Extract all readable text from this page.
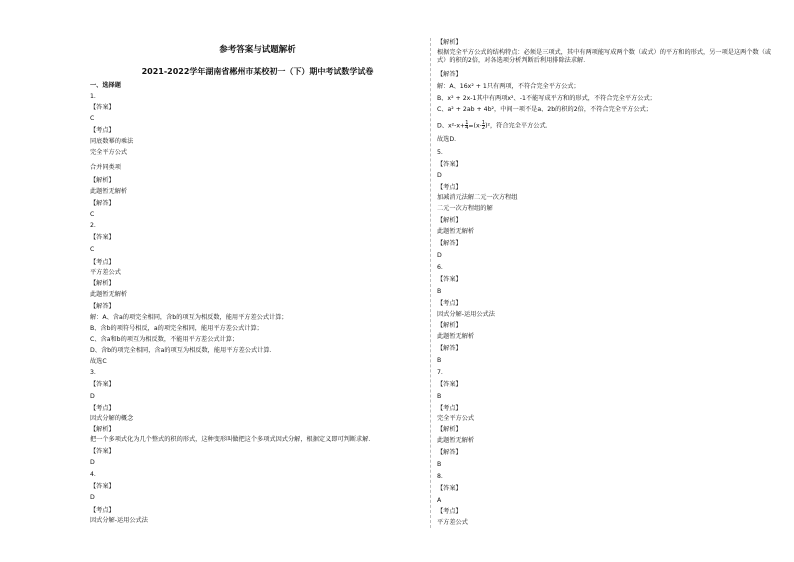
参考答案与试题解析
2021-2022学年湖南省郴州市某校初一（下）期中考试数学试卷
一、选择题
1.
【答案】
C
【考点】
同底数幂的乘法
完全平方公式
合并同类项
【解析】
此题暂无解析
【解答】
C
2.
【答案】
C
【考点】
平方差公式
【解析】
此题暂无解析
【解答】
解：A、含a的项完全相同，含b的项互为相反数，能用平方差公式计算；
B、含b的项符号相反，a的项完全相同，能用平方差公式计算；
C、含a和b的项互为相反数，不能用平方差公式计算；
D、含b的项完全相同，含a的项互为相反数，能用平方差公式计算．
故选C
3.
【答案】
D
【考点】
因式分解的概念
【解析】
把一个多项式化为几个整式的积的形式，这种变形叫做把这个多项式因式分解，根据定义即可判断求解．
【答案】
D
4.
【答案】
D
【考点】
因式分解-运用公式法
【解析】
根据完全平方公式的结构特点：必须是三项式，其中有两项能写成两个数（或式）的平方和的形式，另一项是这两个数（或式）的积的2倍，对各选项分析判断后利用排除法求解．
【解答】
解：A、16x² + 1只有两项，不符合完全平方公式；
B、x² + 2x-1其中有两项x²、-1不能写成平方和的形式，不符合完全平方公式；
C、a² + 2ab + 4b²，中间一项不是a、2b的积的2倍，不符合完全平方公式；
D、$x^2-x+ \frac{1}{4}=(x- \frac{1}{2})^2$，符合完全平方公式．
故选D．
5.
【答案】
D
【考点】
加减消元法解二元一次方程组
二元一次方程组的解
【解析】
此题暂无解析
【解答】
D
6.
【答案】
B
【考点】
因式分解-运用公式法
【解析】
此题暂无解析
【解答】
B
7.
【答案】
B
【考点】
完全平方公式
【解析】
此题暂无解析
【解答】
B
8.
【答案】
A
【考点】
平方差公式
